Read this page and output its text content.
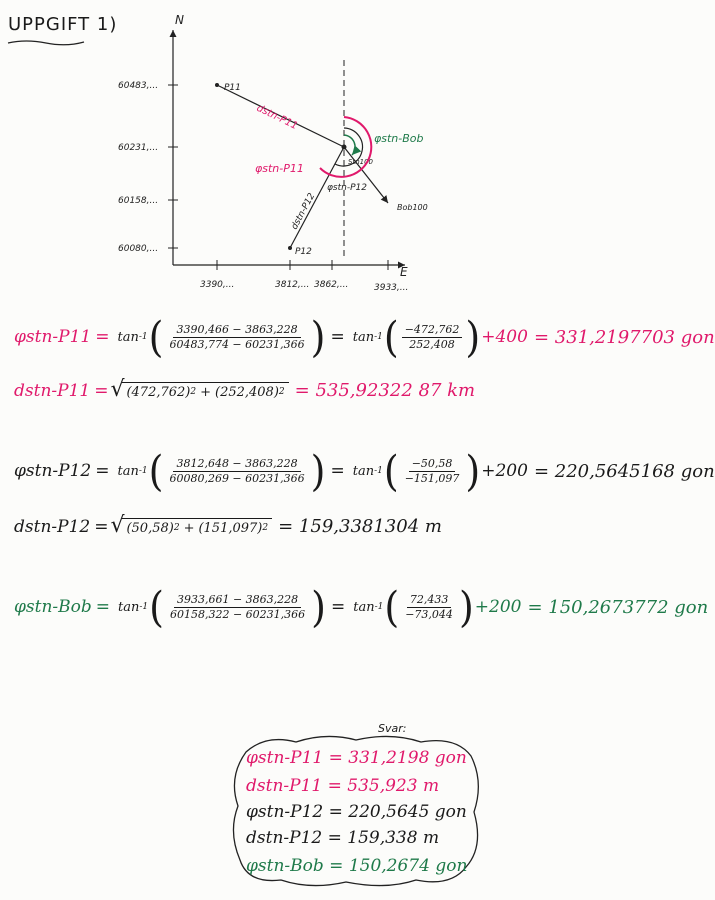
UPPGIFT 1)	N
E
60483,...
60231,...
60158,...
60080,...
3390,...	3812,... 3862,...	3933,...
P11
P12
Bob100
Stn100
dstn-P11
φstn-Bob
φstn-P11
φstn-P12
dstn-P12
φstn-P11 = tan -1 ( $\frac{3390,466 - 3863,228}{60483,774 - 60231,366}$ ) = tan -1 ( $\frac{-472,762}{252,408}$ ) +400 = 331,2197703 gon
dstn-P11 = √ (472,762) 2 + (252,408) 2 = 535,92322 87 km
φstn-P12 = tan -1 ( $\frac{3812,648 - 3863,228}{60080,269 - 60231,366}$ ) = tan -1 ( $\frac{-50,58}{-151,097}$ ) +200 = 220,5645168 gon
dstn-P12 = √ (50,58) 2 + (151,097) 2 = 159,3381304 m
φstn-Bob = tan -1 ( $\frac{3933,661 - 3863,228}{60158,322 - 60231,366}$ ) = tan -1 ( $\frac{72,433}{-73,044}$ ) +200 = 150,2673772 gon
Svar:
φstn-P11 = 331,2198 gon
dstn-P11 = 535,923 m
φstn-P12 = 220,5645 gon
dstn-P12 = 159,338 m
φstn-Bob = 150,2674 gon
